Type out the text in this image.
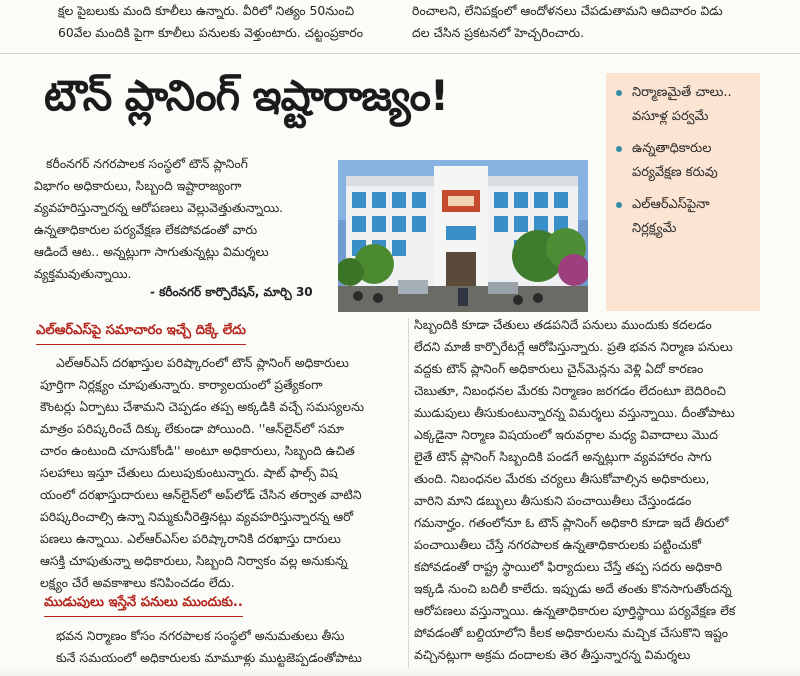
క్షల పైబలుకు మంది కూలీలు ఉన్నారు. వీరిలో నిత్యం 50నుంచి
60వేల మందికి పైగా కూలీలు పనులకు వెళ్తుంటారు. చట్టంప్రకారం
రించాలని, లేనిపక్షంలో ఆందోళనలు చేపడుతామని ఆదివారం విడు
దల చేసిన ప్రకటనలో హెచ్చరించారు.
టౌన్ ప్లానింగ్ ఇష్టారాజ్యం!	నిర్మాణమైతే చాలు.. వసూళ్ల పర్వమే
ఉన్నతాధికారుల పర్యవేక్షణ కరువు
ఎల్ఆర్ఎస్‌పైనా నిర్లక్ష్యమే
కరీంనగర్ నగరపాలక సంస్థలో టౌన్ ప్లానింగ్
విభాగం అధికారులు, సిబ్బంది ఇష్టారాజ్యంగా
వ్యవహరిస్తున్నారన్న ఆరోపణలు వెల్లువెత్తుతున్నాయి.
ఉన్నతాధికారుల పర్యవేక్షణ లేకపోవడంతో వారు
ఆడిందే ఆట.. అన్నట్లుగా సాగుతున్నట్లు విమర్శలు
వ్యక్తమవుతున్నాయి.
- కరీంనగర్ కార్పొరేషన్, మార్చి 30
ఎల్ఆర్ఎస్‌పై సమాచారం ఇచ్చే దిక్కే లేదు
ఎల్ఆర్ఎస్ దరఖాస్తుల పరిష్కారంలో టౌన్ ప్లానింగ్ అధికారులు
పూర్తిగా నిర్లక్ష్యం చూపుతున్నారు. కార్యాలయంలో ప్రత్యేకంగా
కౌంటర్లు ఏర్పాటు చేశామని చెప్పడం తప్ప అక్కడికి వచ్చే సమస్యలను
మాత్రం పరిష్కరించే దిక్కు లేకుండా పోయింది. ''ఆన్‌లైన్‌లో సమా
చారం ఉంటుంది చూసుకోండి'' అంటూ అధికారులు, సిబ్బంది ఉచిత
సలహాలు ఇస్తూ చేతులు దులుపుకుంటున్నారు. షాట్ ఫాల్స్ విష
యంలో దరఖాస్తుదారులు ఆన్‌లైన్‌లో అప్‌లోడ్ చేసిన తర్వాత వాటిని
పరిష్కరించాల్సి ఉన్నా నిమ్మకునీరెత్తినట్లు వ్యవహరిస్తున్నారన్న ఆరో
పణలు ఉన్నాయి. ఎల్ఆర్ఎస్‌ల పరిష్కారానికి దరఖాస్తు దారులు
ఆసక్తి చూపుతున్నా అధికారులు, సిబ్బంది నిర్వాకం వల్ల అనుకున్న
లక్ష్యం చేరే అవకాశాలు కనిపించడం లేదు.
ముడుపులు ఇస్తేనే పనులు ముందుకు..
భవన నిర్మాణం కోసం నగరపాలక సంస్థలో అనుమతులు తీసు
కునే సమయంలో అధికారులకు మామూళ్లు ముట్టజెప్పడంతోపాటు
సిబ్బందికి కూడా చేతులు తడపనిదే పనులు ముందుకు కదలడం
లేదని మాజీ కార్పొరేటర్లే ఆరోపిస్తున్నారు. ప్రతి భవన నిర్మాణ పనులు
వద్దకు టౌన్ ప్లానింగ్ అధికారులు చైన్‌మెన్లను వెళ్లి ఏదో కారణం
చెబుతూ, నిబంధనల మేరకు నిర్మాణం జరగడం లేదంటూ బెదిరించి
ముడుపులు తీసుకుంటున్నారన్న విమర్శలు వస్తున్నాయి. దీంతోపాటు
ఎక్కడైనా నిర్మాణ విషయంలో ఇరువర్గాల మధ్య వివాదాలు మొద
లైతే టౌన్ ప్లానింగ్ సిబ్బందికి పండగే అన్నట్లుగా వ్యవహారం సాగు
తుంది. నిబంధనల మేరకు చర్యలు తీసుకోవాల్సిన అధికారులు,
వారిని మాని డబ్బులు తీసుకుని పంచాయితీలు చేస్తుండడం
గమనార్హం. గతంలోనూ ఓ టౌన్ ప్లానింగ్ అధికారి కూడా ఇదే తీరులో
పంచాయితీలు చేస్తే నగరపాలక ఉన్నతాధికారులకు పట్టించుకో
కపోవడంతో రాష్ట్ర స్థాయిలో ఫిర్యాదులు చేస్తే తప్ప సదరు అధికారి
ఇక్కడి నుంచి బదిలీ కాలేదు. ఇప్పుడు అదే తంతు కొనసాగుతోందన్న
ఆరోపణలు వస్తున్నాయి. ఉన్నతాధికారుల పూర్తిస్థాయి పర్యవేక్షణ లేక
పోవడంతో బల్దియాలోని కీలక అధికారులను మచ్చిక చేసుకొని ఇష్టం
వచ్చినట్లుగా అక్రమ దందాలకు తెర తీస్తున్నారన్న విమర్శలు
